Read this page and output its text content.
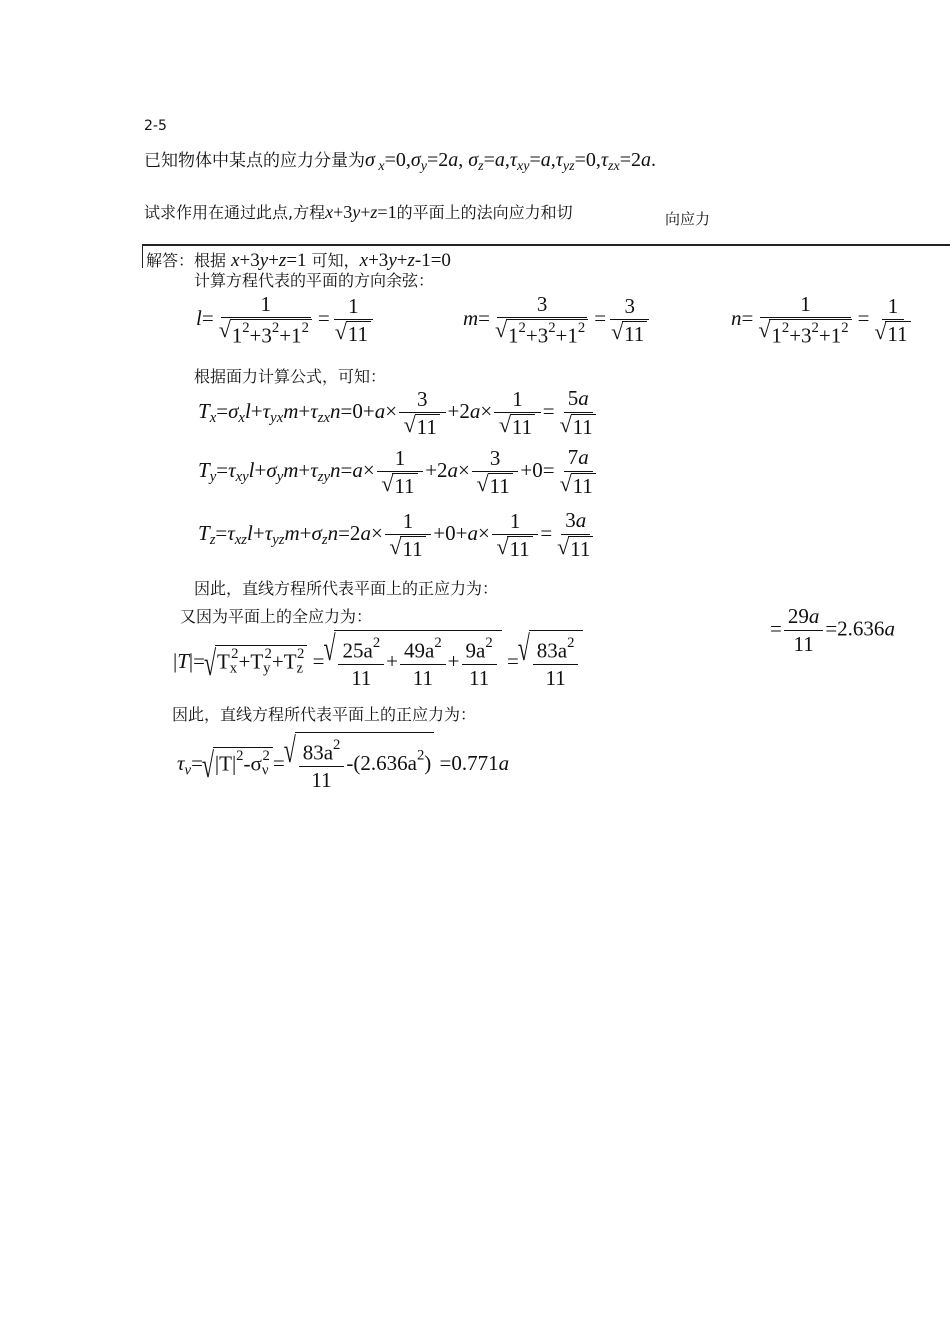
2-5
已知物体中某点的应力分量为σ $_x=0,\sigma_y=2a$, $\sigma_z=a,\tau_{xy}=a,\tau_{yz}=0,\tau_{zx}=2a$.
试求作用在通过此点,方程x+3y+z=1的平面上的法向应力和切	向应力
解答：根据 x+3y+z=1 可知，x+3y+z-1=0
计算方程代表的平面的方向余弦：
l= 1
√ $1^2+3^2+1^2 = 1$
√ 11	m= 3
√ $1^2+3^2+1^2 = 3$
√ 11	n= 1
√ $1^2+3^2+1^2 = 1$
√ 11
根据面力计算公式，可知：
$T_x=\sigma_xl+\tau_{yx}m+\tau_{zx}n=0+a\times 3$
√ 11 +2a× 1
√ 11 = 5a
√ 11
$T_y=\tau_{xy}l+\sigma_ym+\tau_{zy}n=a\times 1$
√ 11 +2a× 3
√ 11 +0= 7a
√ 11
$T_z=\tau_{xz}l+\tau_{yz}m+\sigma_zn=2a\times 1$
√ 11 +0+a× 1
√ 11 = 3a
√ 11
因此，直线方程所代表平面上的正应力为：
又因为平面上的全应力为：	= $\frac{29a}{11} =2.636a$
|T|=√ $T_x^2+T_y^2+T_z^2$ =
√ $\frac{25a^2}{11} + \frac{49a^2}{11} + \frac{9a^2}{11}$ =
√ $\frac{83a^2}{11}$
因此，直线方程所代表平面上的正应力为：
$\tau_\nu=√$ $|T|^2-\sigma_\nu^2$ =
√ $\frac{83a^2}{11} -(2.636a^2) =0.771a$
